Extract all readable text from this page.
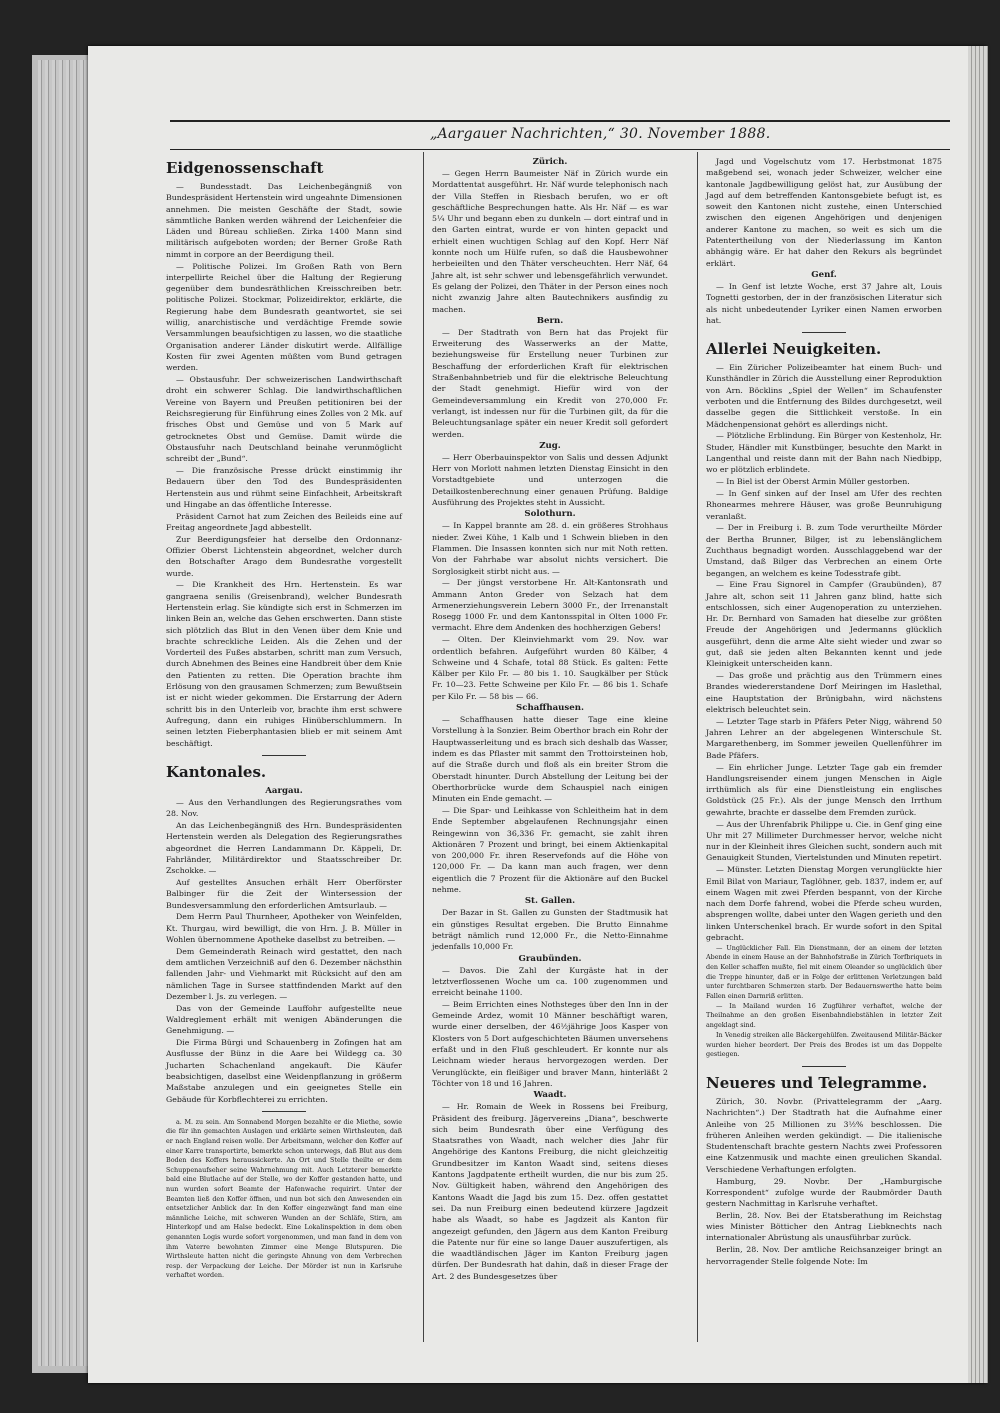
„Aargauer Nachrichten,“ 30. November 1888.
Eidgenossenschaft

— Bundesstadt. Das Leichenbegängniß von Bundespräsident Hertenstein wird ungeahnte Dimensionen annehmen. Die meisten Geschäfte der Stadt, sowie sämmtliche Banken werden während der Leichenfeier die Läden und Büreau schließen. Zirka 1400 Mann sind militärisch aufgeboten worden; der Berner Große Rath nimmt in corpore an der Beerdigung theil.

— Politische Polizei. Im Großen Rath von Bern interpellirte Reichel über die Haltung der Regierung gegenüber dem bundesräthlichen Kreisschreiben betr. politische Polizei. Stockmar, Polizeidirektor, erklärte, die Regierung habe dem Bundesrath geantwortet, sie sei willig, anarchistische und verdächtige Fremde sowie Versammlungen beaufsichtigen zu lassen, wo die staatliche Organisation anderer Länder diskutirt werde. Allfällige Kosten für zwei Agenten müßten vom Bund getragen werden.

— Obstausfuhr. Der schweizerischen Landwirthschaft droht ein schwerer Schlag. Die landwirthschaftlichen Vereine von Bayern und Preußen petitioniren bei der Reichsregierung für Einführung eines Zolles von 2 Mk. auf frisches Obst und Gemüse und von 5 Mark auf getrocknetes Obst und Gemüse. Damit würde die Obstausfuhr nach Deutschland beinahe verunmöglicht schreibt der „Bund“.

— Die französische Presse drückt einstimmig ihr Bedauern über den Tod des Bundespräsidenten Hertenstein aus und rühmt seine Einfachheit, Arbeitskraft und Hingabe an das öffentliche Interesse.

Präsident Carnot hat zum Zeichen des Beileids eine auf Freitag angeordnete Jagd abbestellt.

Zur Beerdigungsfeier hat derselbe den Ordonnanz-Offizier Oberst Lichtenstein abgeordnet, welcher durch den Botschafter Arago dem Bundesrathe vorgestellt wurde.

— Die Krankheit des Hrn. Hertenstein. Es war gangraena senilis (Greisenbrand), welcher Bundesrath Hertenstein erlag. Sie kündigte sich erst in Schmerzen im linken Bein an, welche das Gehen erschwerten. Dann stiste sich plötzlich das Blut in den Venen über dem Knie und brachte schreckliche Leiden. Als die Zehen und der Vorderteil des Fußes abstarben, schritt man zum Versuch, durch Abnehmen des Beines eine Handbreit über dem Knie den Patienten zu retten. Die Operation brachte ihm Erlösung von den grausamen Schmerzen; zum Bewußtsein ist er nicht wieder gekommen. Die Erstarrung der Adern schritt bis in den Unterleib vor, brachte ihm erst schwere Aufregung, dann ein ruhiges Hinüberschlummern. In seinen letzten Fieberphantasien blieb er mit seinem Amt beschäftigt.

Kantonales.
Aargau.

— Aus den Verhandlungen des Regierungsrathes vom 28. Nov.

An das Leichenbegängniß des Hrn. Bundespräsidenten Hertenstein werden als Delegation des Regierungsrathes abgeordnet die Herren Landammann Dr. Käppeli, Dr. Fahrländer, Militärdirektor und Staatsschreiber Dr. Zschokke. —

Auf gestelltes Ansuchen erhält Herr Oberförster Balbinger für die Zeit der Wintersession der Bundesversammlung den erforderlichen Amtsurlaub. —

Dem Herrn Paul Thurnheer, Apotheker von Weinfelden, Kt. Thurgau, wird bewilligt, die von Hrn. J. B. Müller in Wohlen übernommene Apotheke daselbst zu betreiben. —

Dem Gemeinderath Reinach wird gestattet, den nach dem amtlichen Verzeichniß auf den 6. Dezember nächsthin fallenden Jahr- und Viehmarkt mit Rücksicht auf den am nämlichen Tage in Sursee stattfindenden Markt auf den Dezember l. Js. zu verlegen. —

Das von der Gemeinde Lauffohr aufgestellte neue Waldreglement erhält mit wenigen Abänderungen die Genehmigung. —

Die Firma Bürgi und Schauenberg in Zofingen hat am Ausflusse der Bünz in die Aare bei Wildegg ca. 30 Jucharten Schachenland angekauft. Die Käufer beabsichtigen, daselbst eine Weidenpflanzung in größerm Maßstabe anzulegen und ein geeignetes Stelle ein Gebäude für Korbflechterei zu errichten.

a. M. zu sein. Am Sonnabend Morgen bezahlte er die Miethe, sowie die für ihn gemachten Auslagen und erklärte seinen Wirthsleuten, daß er nach England reisen wolle. Der Arbeitsmann, welcher den Koffer auf einer Karre transportirte, bemerkte schon unterwegs, daß Blut aus dem Boden des Koffers heraussickerte. An Ort und Stelle theilte er dem Schuppenaufseher seine Wahrnehmung mit. Auch Letzterer bemerkte bald eine Blutlache auf der Stelle, wo der Koffer gestanden hatte, und nun wurden sofort Beamte der Hafenwache requirirt. Unter der Beamten ließ den Koffer öffnen, und nun bot sich den Anwesenden ein entsetzlicher Anblick dar. In den Koffer eingezwängt fand man eine männliche Leiche, mit schweren Wunden an der Schläfe, Stirn, am Hinterkopf und am Halse bedeckt. Eine Lokalinspektion in dem oben genannten Logis wurde sofort vorgenommen, und man fand in dem von ihm Vaterre bewohnten Zimmer eine Menge Blutspuren. Die Wirthsleute hatten nicht die geringste Ahnung von dem Verbrechen resp. der Verpackung der Leiche. Der Mörder ist nun in Karlsruhe verhaftet worden.

Zürich.

— Gegen Herrn Baumeister Näf in Zürich wurde ein Mordattentat ausgeführt. Hr. Näf wurde telephonisch nach der Villa Steffen in Riesbach berufen, wo er oft geschäftliche Besprechungen hatte. Als Hr. Näf — es war 5¼ Uhr und begann eben zu dunkeln — dort eintraf und in den Garten eintrat, wurde er von hinten gepackt und erhielt einen wuchtigen Schlag auf den Kopf. Herr Näf konnte noch um Hülfe rufen, so daß die Hausbewohner herbeieilten und den Thäter verscheuchten. Herr Näf, 64 Jahre alt, ist sehr schwer und lebensgefährlich verwundet. Es gelang der Polizei, den Thäter in der Person eines noch nicht zwanzig Jahre alten Bautechnikers ausfindig zu machen.

Bern.

— Der Stadtrath von Bern hat das Projekt für Erweiterung des Wasserwerks an der Matte, beziehungsweise für Erstellung neuer Turbinen zur Beschaffung der erforderlichen Kraft für elektrischen Straßenbahnbetrieb und für die elektrische Beleuchtung der Stadt genehmigt. Hiefür wird von der Gemeindeversammlung ein Kredit von 270,000 Fr. verlangt, ist indessen nur für die Turbinen gilt, da für die Beleuchtungsanlage später ein neuer Kredit soll gefordert werden.

Zug.

— Herr Oberbauinspektor von Salis und dessen Adjunkt Herr von Morlott nahmen letzten Dienstag Einsicht in den Vorstadtgebiete und unterzogen die Detailkostenberechnung einer genauen Prüfung. Baldige Ausführung des Projektes steht in Aussicht.

Solothurn.

— In Kappel brannte am 28. d. ein größeres Strohhaus nieder. Zwei Kühe, 1 Kalb und 1 Schwein blieben in den Flammen. Die Insassen konnten sich nur mit Noth retten. Von der Fahrhabe war absolut nichts versichert. Die Sorglosigkeit stirbt nicht aus. —

— Der jüngst verstorbene Hr. Alt-Kantonsrath und Ammann Anton Greder von Selzach hat dem Armenerziehungsverein Lebern 3000 Fr., der Irrenanstalt Rosegg 1000 Fr. und dem Kantonsspital in Olten 1000 Fr. vermacht. Ehre dem Andenken des hochherzigen Gebers!

— Olten. Der Kleinviehmarkt vom 29. Nov. war ordentlich befahren. Aufgeführt wurden 80 Kälber, 4 Schweine und 4 Schafe, total 88 Stück. Es galten: Fette Kälber per Kilo Fr. — 80 bis 1. 10. Saugkälber per Stück Fr. 10—23. Fette Schweine per Kilo Fr. — 86 bis 1. Schafe per Kilo Fr. — 58 bis — 66.

Schaffhausen.

— Schaffhausen hatte dieser Tage eine kleine Vorstellung à la Sonzier. Beim Oberthor brach ein Rohr der Hauptwasserleitung und es brach sich deshalb das Wasser, indem es das Pflaster mit sammt den Trottoirsteinen hob, auf die Straße durch und floß als ein breiter Strom die Oberstadt hinunter. Durch Abstellung der Leitung bei der Oberthorbrücke wurde dem Schauspiel nach einigen Minuten ein Ende gemacht. —

— Die Spar- und Leihkasse von Schleitheim hat in dem Ende September abgelaufenen Rechnungsjahr einen Reingewinn von 36,336 Fr. gemacht, sie zahlt ihren Aktionären 7 Prozent und bringt, bei einem Aktienkapital von 200,000 Fr. ihren Reservefonds auf die Höhe von 120,000 Fr. — Da kann man auch fragen, wer denn eigentlich die 7 Prozent für die Aktionäre auf den Buckel nehme.

St. Gallen.

Der Bazar in St. Gallen zu Gunsten der Stadtmusik hat ein günstiges Resultat ergeben. Die Brutto Einnahme beträgt nämlich rund 12,000 Fr., die Netto-Einnahme jedenfalls 10,000 Fr.

Graubünden.

— Davos. Die Zahl der Kurgäste hat in der letztverflossenen Woche um ca. 100 zugenommen und erreicht beinahe 1100.

— Beim Errichten eines Nothsteges über den Inn in der Gemeinde Ardez, womit 10 Männer beschäftigt waren, wurde einer derselben, der 46½jährige Joos Kasper von Klosters von 5 Dort aufgeschichteten Bäumen unversehens erfaßt und in den Fluß geschleudert. Er konnte nur als Leichnam wieder heraus hervorgezogen werden. Der Verunglückte, ein fleißiger und braver Mann, hinterläßt 2 Töchter von 18 und 16 Jahren.

Waadt.

— Hr. Romain de Week in Rossens bei Freiburg, Präsident des freiburg. Jägervereins „Diana“, beschwerte sich beim Bundesrath über eine Verfügung des Staatsrathes von Waadt, nach welcher dies Jahr für Angehörige des Kantons Freiburg, die nicht gleichzeitig Grundbesitzer im Kanton Waadt sind, seitens dieses Kantons Jagdpatente ertheilt wurden, die nur bis zum 25. Nov. Gültigkeit haben, während den Angehörigen des Kantons Waadt die Jagd bis zum 15. Dez. offen gestattet sei. Da nun Freiburg einen bedeutend kürzere Jagdzeit habe als Waadt, so habe es Jagdzeit als Kanton für angezeigt gefunden, den Jägern aus dem Kanton Freiburg die Patente nur für eine so lange Dauer auszufertigen, als die waadtländischen Jäger im Kanton Freiburg jagen dürfen. Der Bundesrath hat dahin, daß in dieser Frage der Art. 2 des Bundesgesetzes über

Jagd und Vogelschutz vom 17. Herbstmonat 1875 maßgebend sei, wonach jeder Schweizer, welcher eine kantonale Jagdbewilligung gelöst hat, zur Ausübung der Jagd auf dem betreffenden Kantonsgebiete befugt ist, es soweit den Kantonen nicht zustehe, einen Unterschied zwischen den eigenen Angehörigen und denjenigen anderer Kantone zu machen, so weit es sich um die Patentertheilung von der Niederlassung im Kanton abhängig wäre. Er hat daher den Rekurs als begründet erklärt.

Genf.

— In Genf ist letzte Woche, erst 37 Jahre alt, Louis Tognetti gestorben, der in der französischen Literatur sich als nicht unbedeutender Lyriker einen Namen erworben hat.

Allerlei Neuigkeiten.

— Ein Züricher Polizeibeamter hat einem Buch- und Kunsthändler in Zürich die Ausstellung einer Reproduktion von Arn. Böcklins „Spiel der Wellen“ im Schaufenster verboten und die Entfernung des Bildes durchgesetzt, weil dasselbe gegen die Sittlichkeit verstoße. In ein Mädchenpensionat gehört es allerdings nicht.

— Plötzliche Erblindung. Ein Bürger von Kestenholz, Hr. Studer, Händler mit Kunstbünger, besuchte den Markt in Langenthal und reiste dann mit der Bahn nach Niedbipp, wo er plötzlich erblindete.

— In Biel ist der Oberst Armin Müller gestorben.

— In Genf sinken auf der Insel am Ufer des rechten Rhonearmes mehrere Häuser, was große Beunruhigung veranlaßt.

— Der in Freiburg i. B. zum Tode verurtheilte Mörder der Bertha Brunner, Bilger, ist zu lebenslänglichem Zuchthaus begnadigt worden. Ausschlaggebend war der Umstand, daß Bilger das Verbrechen an einem Orte begangen, an welchem es keine Todesstrafe gibt.

— Eine Frau Signorel in Campfer (Graubünden), 87 Jahre alt, schon seit 11 Jahren ganz blind, hatte sich entschlossen, sich einer Augenoperation zu unterziehen. Hr. Dr. Bernhard von Samaden hat dieselbe zur größten Freude der Angehörigen und Jedermanns glücklich ausgeführt, denn die arme Alte sieht wieder und zwar so gut, daß sie jeden alten Bekannten kennt und jede Kleinigkeit unterscheiden kann.

— Das große und prächtig aus den Trümmern eines Brandes wiedererstandene Dorf Meiringen im Haslethal, eine Hauptstation der Brünigbahn, wird nächstens elektrisch beleuchtet sein.

— Letzter Tage starb in Pfäfers Peter Nigg, während 50 Jahren Lehrer an der abgelegenen Winterschule St. Margarethenberg, im Sommer jeweilen Quellenführer im Bade Pfäfers.

— Ein ehrlicher Junge. Letzter Tage gab ein fremder Handlungsreisender einem jungen Menschen in Aigle irrthümlich als für eine Dienstleistung ein englisches Goldstück (25 Fr.). Als der junge Mensch den Irrthum gewahrte, brachte er dasselbe dem Fremden zurück.

— Aus der Uhrenfabrik Philippe u. Cie. in Genf ging eine Uhr mit 27 Millimeter Durchmesser hervor, welche nicht nur in der Kleinheit ihres Gleichen sucht, sondern auch mit Genauigkeit Stunden, Viertelstunden und Minuten repetirt.

— Münster. Letzten Dienstag Morgen verunglückte hier Emil Bilat von Mariaur, Taglöhner, geb. 1837, indem er, auf einem Wagen mit zwei Pferden bespannt, von der Kirche nach dem Dorfe fahrend, wobei die Pferde scheu wurden, absprengen wollte, dabei unter den Wagen gerieth und den linken Unterschenkel brach. Er wurde sofort in den Spital gebracht.

— Unglücklicher Fall. Ein Dienstmann, der an einem der letzten Abende in einem Hause an der Bahnhofstraße in Zürich Torfbriquets in den Keller schaffen mußte, fiel mit einem Oleander so unglücklich über die Treppe hinunter, daß er in Folge der erlittenen Verletzungen bald unter furchtbaren Schmerzen starb. Der Bedauernswerthe hatte beim Fallen einen Darmriß erlitten.

— In Mailand wurden 16 Zugführer verhaftet, welche der Theilnahme an den großen Eisenbahndiebstählen in letzter Zeit angeklagt sind.

In Venedig streiken alle Bäckergehülfen. Zweitausend Militär-Bäcker wurden hieher beordert. Der Preis des Brodes ist um das Doppelte gestiegen.

Neueres und Telegramme.

Zürich, 30. Novbr. (Privattelegramm der „Aarg. Nachrichten“.) Der Stadtrath hat die Aufnahme einer Anleihe von 25 Millionen zu 3½% beschlossen. Die früheren Anleihen werden gekündigt. — Die italienische Studentenschaft brachte gestern Nachts zwei Professoren eine Katzenmusik und machte einen greulichen Skandal. Verschiedene Verhaftungen erfolgten.

Hamburg, 29. Novbr. Der „Hamburgische Korrespondent“ zufolge wurde der Raubmörder Dauth gestern Nachmittag in Karlsruhe verhaftet.

Berlin, 28. Nov. Bei der Etatsberathung im Reichstag wies Minister Bötticher den Antrag Liebknechts nach internationaler Abrüstung als unausführbar zurück.

Berlin, 28. Nov. Der amtliche Reichsanzeiger bringt an hervorragender Stelle folgende Note: Im
